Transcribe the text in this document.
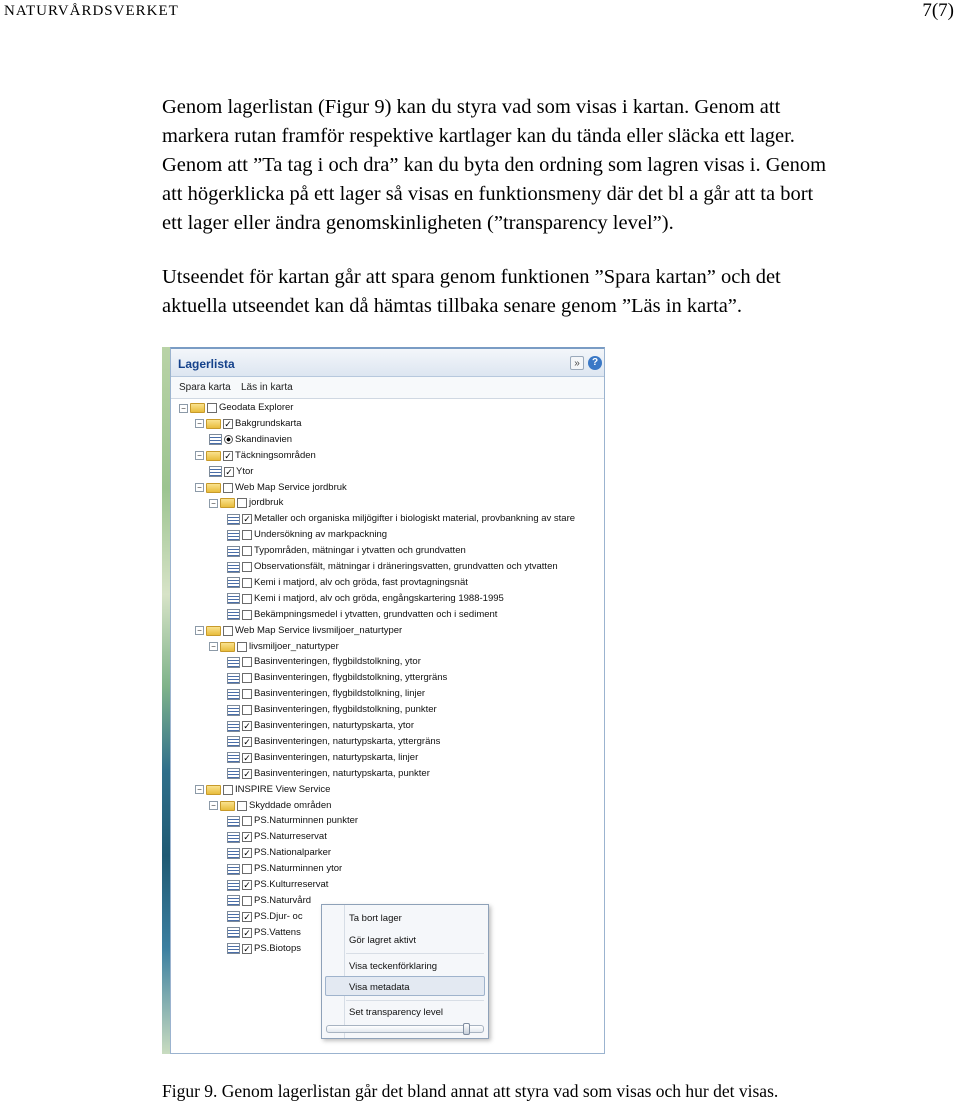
NATURVÅRDSVERKET	7(7)
Genom lagerlistan (Figur 9) kan du styra vad som visas i kartan. Genom att
markera rutan framför respektive kartlager kan du tända eller släcka ett lager.
Genom att ”Ta tag i och dra” kan du byta den ordning som lagren visas i. Genom
att högerklicka på ett lager så visas en funktionsmeny där det bl a går att ta bort
ett lager eller ändra genomskinligheten (”transparency level”).
Utseendet för kartan går att spara genom funktionen ”Spara kartan” och det
aktuella utseendet kan då hämtas tillbaka senare genom ”Läs in karta”.
Lagerlista	»	?
Spara karta Läs in karta
−	Geodata Explorer
− ✓ Bakgrundskarta
Skandinavien
− ✓ Täckningsområden
✓ Ytor
−	Web Map Service jordbruk
−	jordbruk
✓ Metaller och organiska miljögifter i biologiskt material, provbankning av stare
Undersökning av markpackning
Typområden, mätningar i ytvatten och grundvatten
Observationsfält, mätningar i dräneringsvatten, grundvatten och ytvatten
Kemi i matjord, alv och gröda, fast provtagningsnät
Kemi i matjord, alv och gröda, engångskartering 1988-1995
Bekämpningsmedel i ytvatten, grundvatten och i sediment
−	Web Map Service livsmiljoer_naturtyper
−	livsmiljoer_naturtyper
Basinventeringen, flygbildstolkning, ytor
Basinventeringen, flygbildstolkning, yttergräns
Basinventeringen, flygbildstolkning, linjer
Basinventeringen, flygbildstolkning, punkter
✓ Basinventeringen, naturtypskarta, ytor
✓ Basinventeringen, naturtypskarta, yttergräns
✓ Basinventeringen, naturtypskarta, linjer
✓ Basinventeringen, naturtypskarta, punkter
−	INSPIRE View Service
−	Skyddade områden
PS.Naturminnen punkter
✓ PS.Naturreservat
✓ PS.Nationalparker
PS.Naturminnen ytor
✓ PS.Kulturreservat
PS.Naturvård
✓ PS.Djur- oc
✓ PS.Vattens
✓ PS.Biotops
Ta bort lager
Gör lagret aktivt
Visa teckenförklaring
Visa metadata
Set transparency level
Figur 9. Genom lagerlistan går det bland annat att styra vad som visas och hur det visas.
